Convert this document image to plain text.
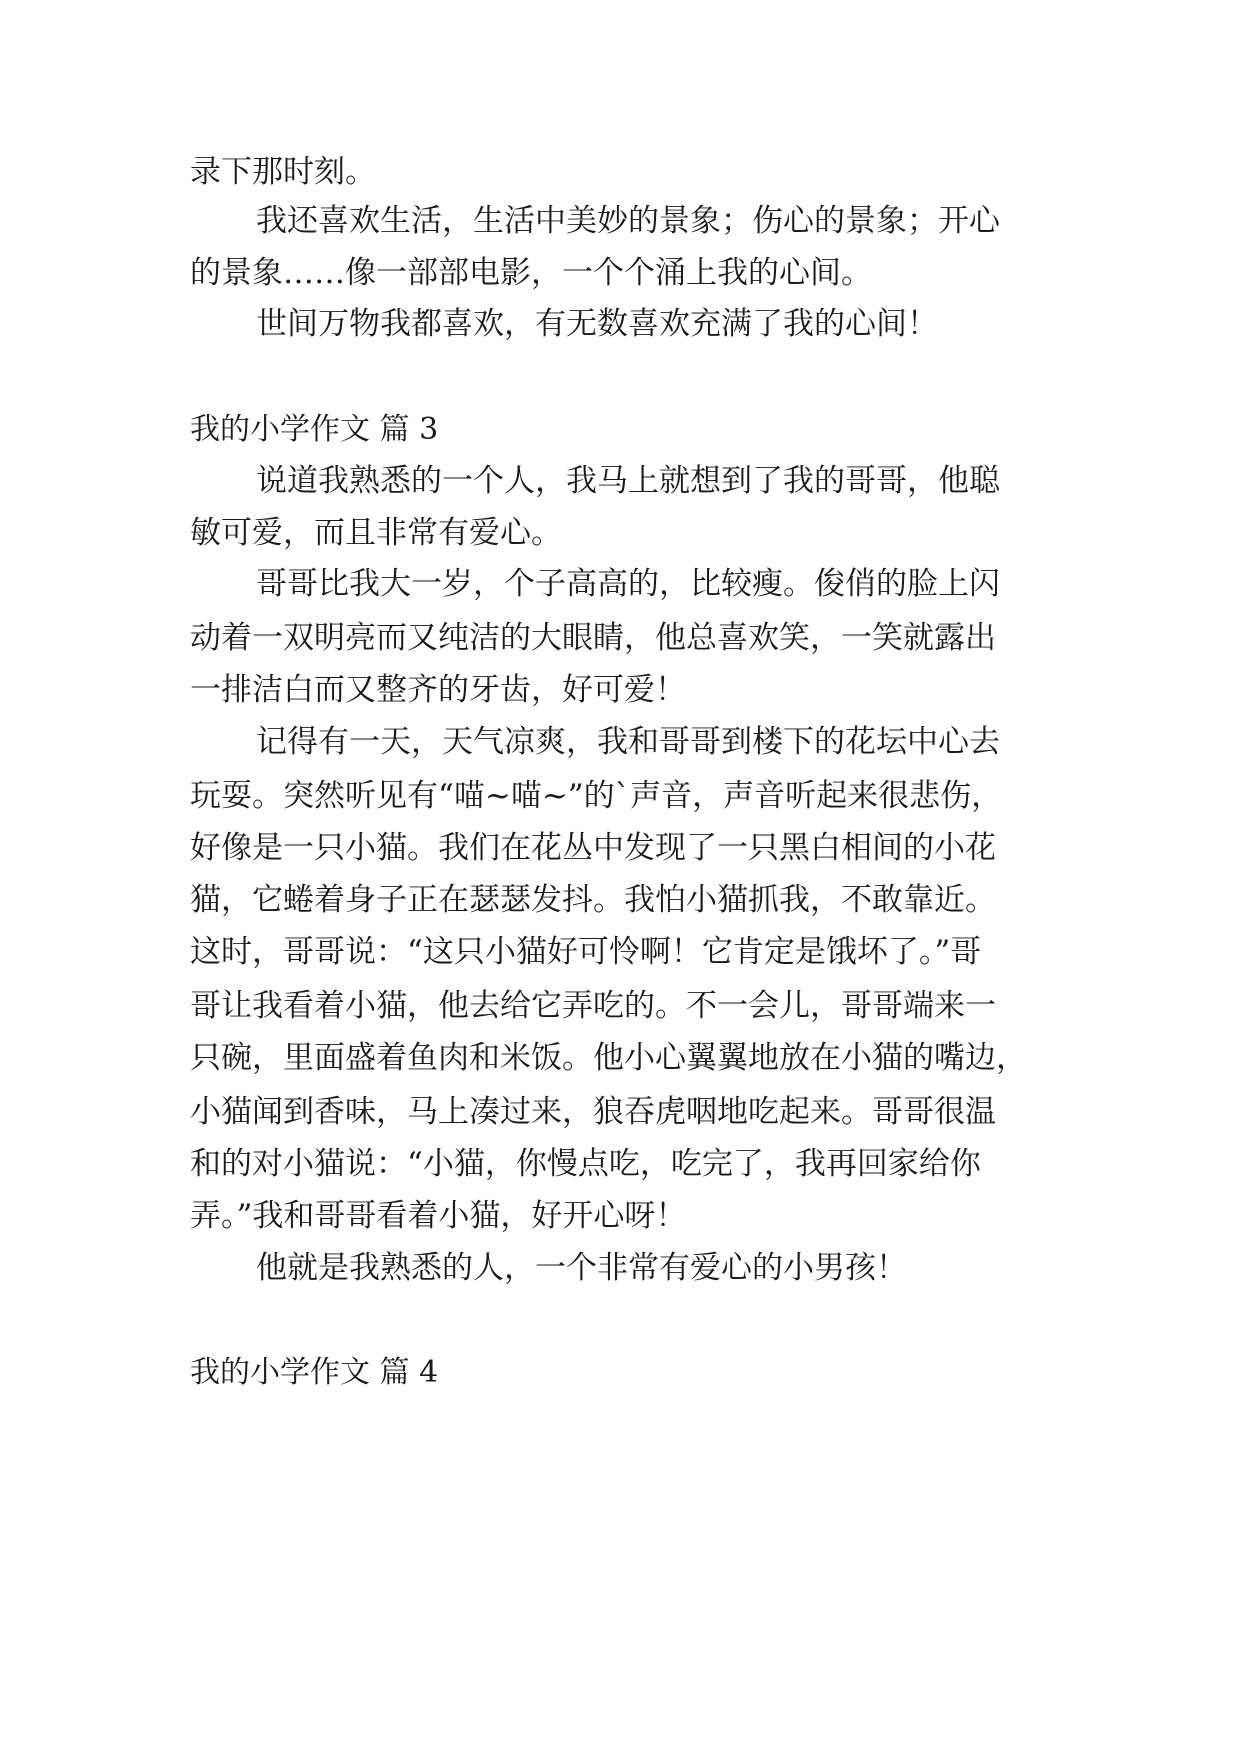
录下那时刻。
我还喜欢生活，生活中美妙的景象；伤心的景象；开心
的景象……像一部部电影，一个个涌上我的心间。
世间万物我都喜欢，有无数喜欢充满了我的心间！
我的小学作文 篇 3
说道我熟悉的一个人，我马上就想到了我的哥哥，他聪
敏可爱，而且非常有爱心。
哥哥比我大一岁，个子高高的，比较瘦。俊俏的脸上闪
动着一双明亮而又纯洁的大眼睛，他总喜欢笑，一笑就露出
一排洁白而又整齐的牙齿，好可爱！
记得有一天，天气凉爽，我和哥哥到楼下的花坛中心去
玩耍。突然听见有“喵~喵~”的`声音，声音听起来很悲伤，
好像是一只小猫。我们在花丛中发现了一只黑白相间的小花
猫，它蜷着身子正在瑟瑟发抖。我怕小猫抓我，不敢靠近。
这时，哥哥说：“这只小猫好可怜啊！它肯定是饿坏了。”哥
哥让我看着小猫，他去给它弄吃的。不一会儿，哥哥端来一
只碗，里面盛着鱼肉和米饭。他小心翼翼地放在小猫的嘴边，
小猫闻到香味，马上凑过来，狼吞虎咽地吃起来。哥哥很温
和的对小猫说：“小猫，你慢点吃，吃完了，我再回家给你
弄。”我和哥哥看着小猫，好开心呀！
他就是我熟悉的人，一个非常有爱心的小男孩！
我的小学作文 篇 4
